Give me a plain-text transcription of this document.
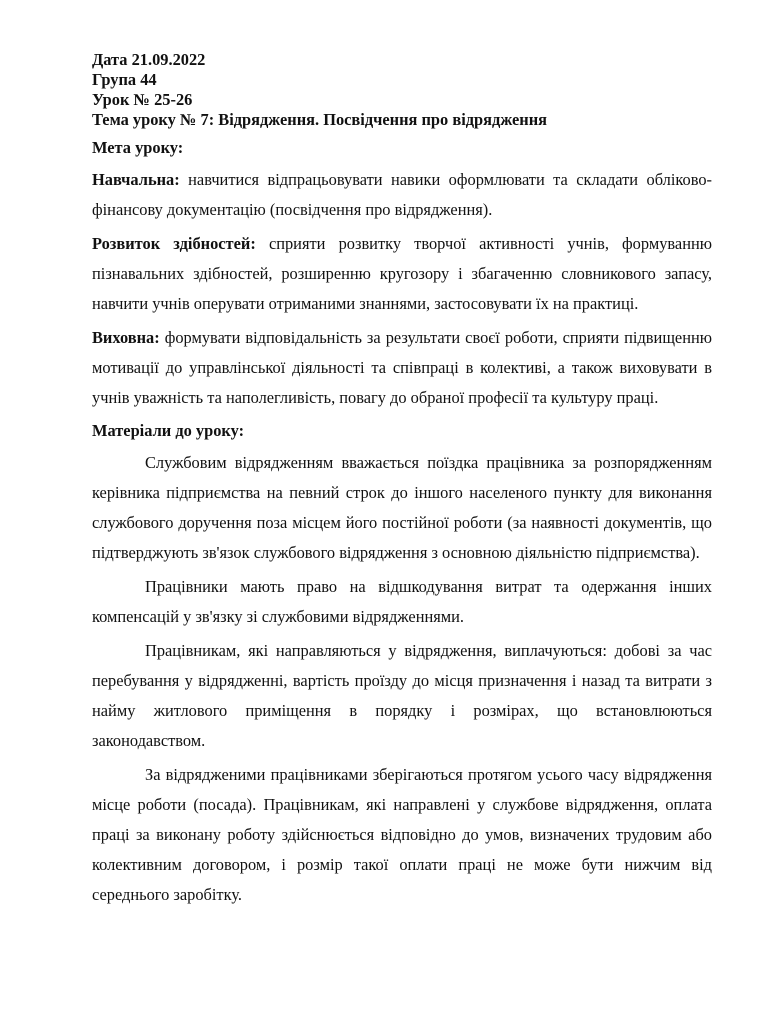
Дата 21.09.2022
Група 44
Урок № 25-26
Тема уроку № 7: Відрядження. Посвідчення про відрядження
Мета уроку:
Навчальна: навчитися відпрацьовувати навики оформлювати та складати обліково-фінансову документацію (посвідчення про відрядження).
Розвиток здібностей: сприяти розвитку творчої активності учнів, формуванню пізнавальних здібностей, розширенню кругозору і збагаченню словникового запасу, навчити учнів оперувати отриманими знаннями, застосовувати їх на практиці.
Виховна: формувати відповідальність за результати своєї роботи, сприяти підвищенню мотивації до управлінської діяльності та співпраці в колективі, а також виховувати в учнів уважність та наполегливість, повагу до обраної професії та культуру праці.
Матеріали до уроку:
Службовим відрядженням вважається поїздка працівника за розпорядженням керівника підприємства на певний строк до іншого населеного пункту для виконання службового доручення поза місцем його постійної роботи (за наявності документів, що підтверджують зв'язок службового відрядження з основною діяльністю підприємства).
Працівники мають право на відшкодування витрат та одержання інших компенсацій у зв'язку зі службовими відрядженнями.
Працівникам, які направляються у відрядження, виплачуються: добові за час перебування у відрядженні, вартість проїзду до місця призначення і назад та витрати з найму житлового приміщення в порядку і розмірах, що встановлюються законодавством.
За відрядженими працівниками зберігаються протягом усього часу відрядження місце роботи (посада). Працівникам, які направлені у службове відрядження, оплата праці за виконану роботу здійснюється відповідно до умов, визначених трудовим або колективним договором, і розмір такої оплати праці не може бути нижчим від середнього заробітку.
